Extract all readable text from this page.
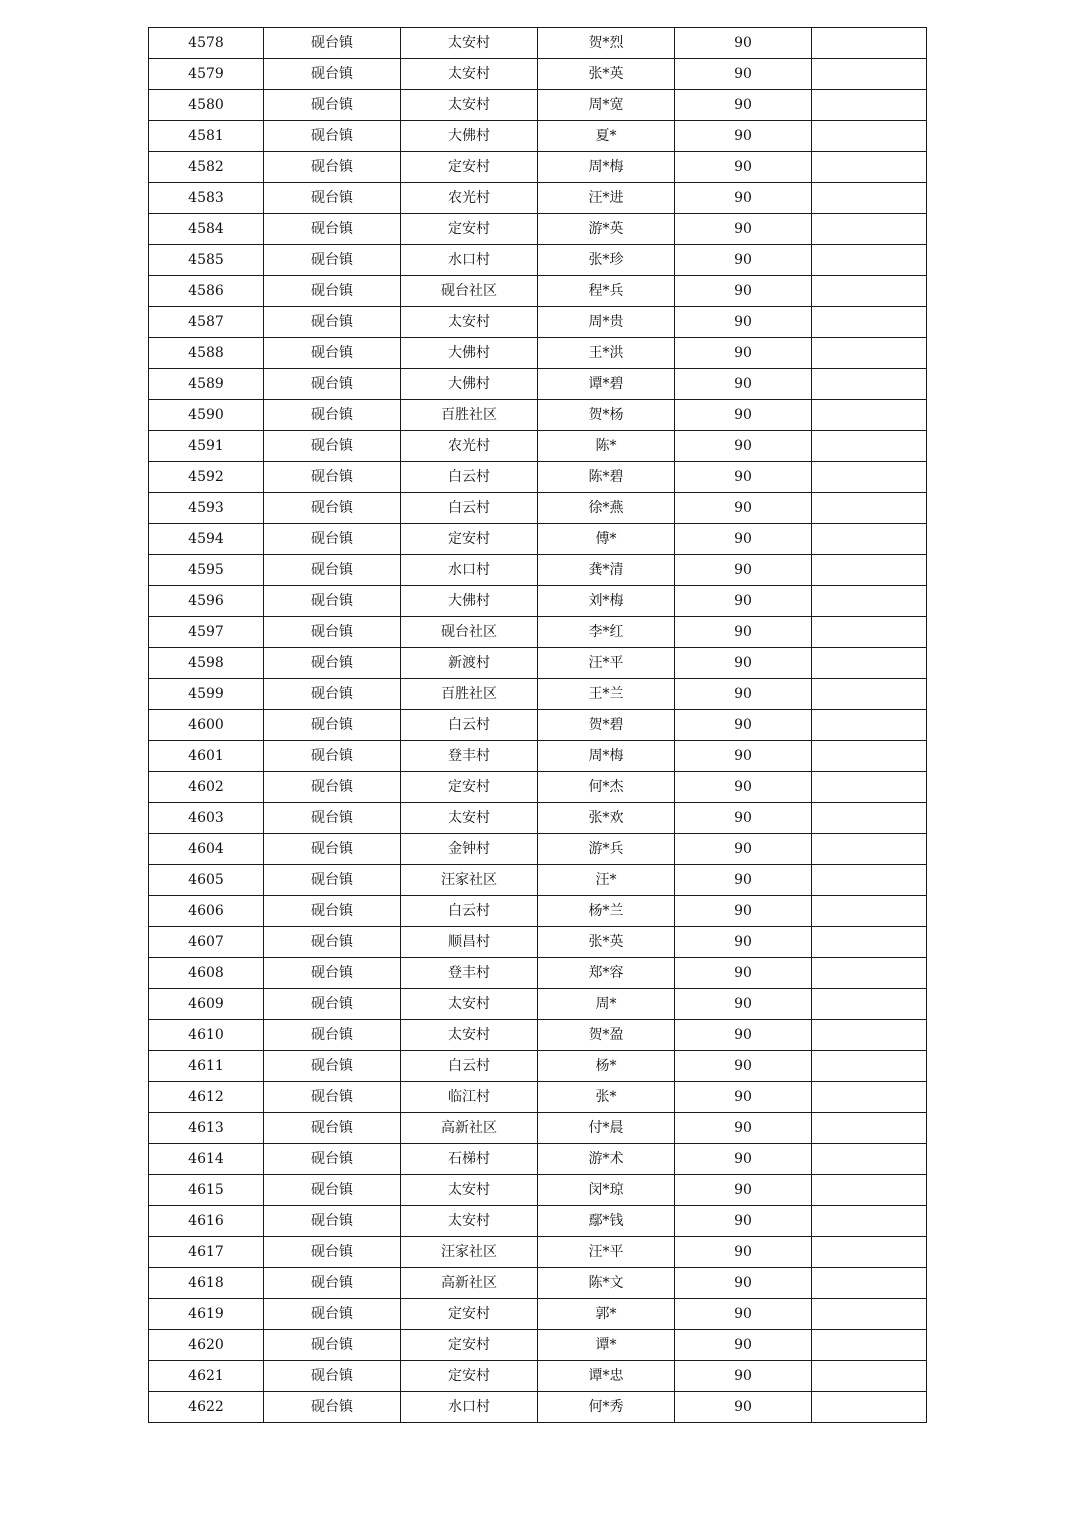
4578	砚台镇	太安村	贺*烈	90	
4579	砚台镇	太安村	张*英	90	
4580	砚台镇	太安村	周*宽	90	
4581	砚台镇	大佛村	夏*	90	
4582	砚台镇	定安村	周*梅	90	
4583	砚台镇	农光村	汪*进	90	
4584	砚台镇	定安村	游*英	90	
4585	砚台镇	水口村	张*珍	90	
4586	砚台镇	砚台社区	程*兵	90	
4587	砚台镇	太安村	周*贵	90	
4588	砚台镇	大佛村	王*洪	90	
4589	砚台镇	大佛村	谭*碧	90	
4590	砚台镇	百胜社区	贺*杨	90	
4591	砚台镇	农光村	陈*	90	
4592	砚台镇	白云村	陈*碧	90	
4593	砚台镇	白云村	徐*燕	90	
4594	砚台镇	定安村	傅*	90	
4595	砚台镇	水口村	龚*清	90	
4596	砚台镇	大佛村	刘*梅	90	
4597	砚台镇	砚台社区	李*红	90	
4598	砚台镇	新渡村	汪*平	90	
4599	砚台镇	百胜社区	王*兰	90	
4600	砚台镇	白云村	贺*碧	90	
4601	砚台镇	登丰村	周*梅	90	
4602	砚台镇	定安村	何*杰	90	
4603	砚台镇	太安村	张*欢	90	
4604	砚台镇	金钟村	游*兵	90	
4605	砚台镇	汪家社区	汪*	90	
4606	砚台镇	白云村	杨*兰	90	
4607	砚台镇	顺昌村	张*英	90	
4608	砚台镇	登丰村	郑*容	90	
4609	砚台镇	太安村	周*	90	
4610	砚台镇	太安村	贺*盈	90	
4611	砚台镇	白云村	杨*	90	
4612	砚台镇	临江村	张*	90	
4613	砚台镇	高新社区	付*晨	90	
4614	砚台镇	石梯村	游*术	90	
4615	砚台镇	太安村	闵*琼	90	
4616	砚台镇	太安村	鄢*钱	90	
4617	砚台镇	汪家社区	汪*平	90	
4618	砚台镇	高新社区	陈*文	90	
4619	砚台镇	定安村	郭*	90	
4620	砚台镇	定安村	谭*	90	
4621	砚台镇	定安村	谭*忠	90	
4622	砚台镇	水口村	何*秀	90	
